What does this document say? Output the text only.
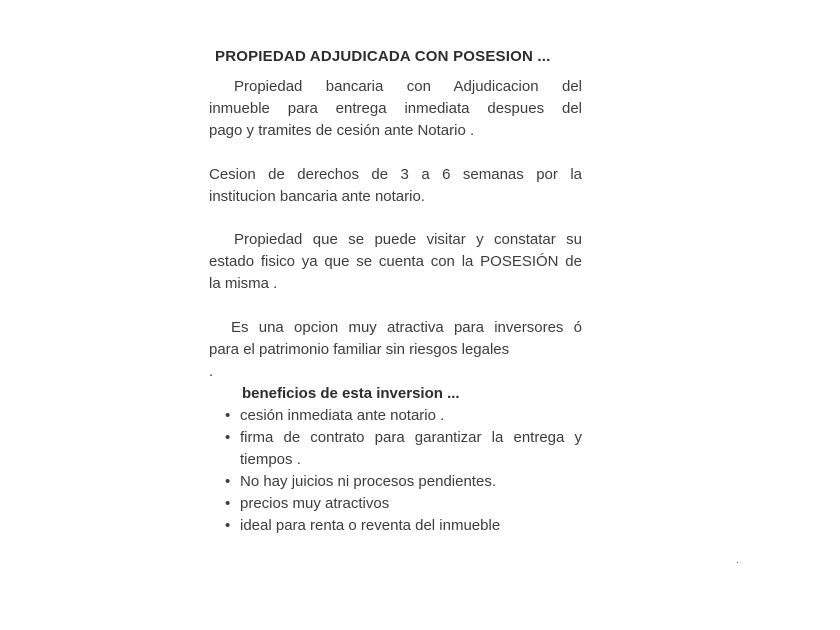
PROPIEDAD ADJUDICADA CON POSESION ...
Propiedad bancaria con Adjudicacion del
inmueble para entrega inmediata despues del
pago y tramites de cesión ante Notario .
Cesion de derechos de 3 a 6 semanas por la
institucion bancaria ante notario.
Propiedad que se puede visitar y constatar su
estado fisico ya que se cuenta con la POSESIÓN de
la misma .
Es una opcion muy atractiva para inversores ó
para el patrimonio familiar sin riesgos legales
.
beneficios de esta inversion ...
• cesión inmediata ante notario .
• firma de contrato para garantizar la entrega y
tiempos .
• No hay juicios ni procesos pendientes.
• precios muy atractivos
• ideal para renta o reventa del inmueble
.
